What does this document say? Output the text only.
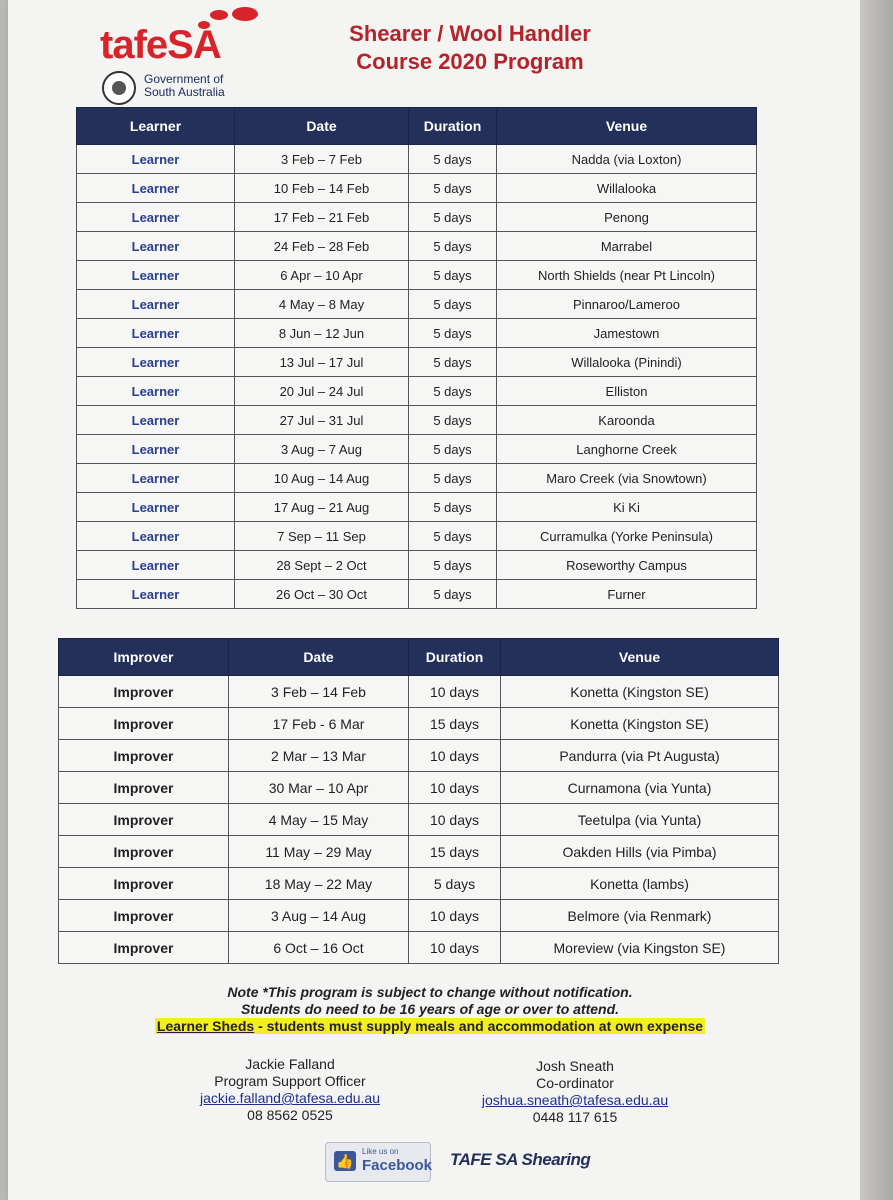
tafeSA
Government of
South Australia
Shearer / Wool Handler
Course 2020 Program
Learner	Date	Duration	Venue
Learner	3 Feb – 7 Feb	5 days	Nadda (via Loxton)
Learner	10 Feb – 14 Feb	5 days	Willalooka
Learner	17 Feb – 21 Feb	5 days	Penong
Learner	24 Feb – 28 Feb	5 days	Marrabel
Learner	6 Apr – 10 Apr	5 days	North Shields (near Pt Lincoln)
Learner	4 May – 8 May	5 days	Pinnaroo/Lameroo
Learner	8 Jun – 12 Jun	5 days	Jamestown
Learner	13 Jul – 17 Jul	5 days	Willalooka (Pinindi)
Learner	20 Jul – 24 Jul	5 days	Elliston
Learner	27 Jul – 31 Jul	5 days	Karoonda
Learner	3 Aug – 7 Aug	5 days	Langhorne Creek
Learner	10 Aug – 14 Aug	5 days	Maro Creek (via Snowtown)
Learner	17 Aug – 21 Aug	5 days	Ki Ki
Learner	7 Sep – 11 Sep	5 days	Curramulka (Yorke Peninsula)
Learner	28 Sept – 2 Oct	5 days	Roseworthy Campus
Learner	26 Oct – 30 Oct	5 days	Furner
Improver	Date	Duration	Venue
Improver	3 Feb – 14 Feb	10 days	Konetta (Kingston SE)
Improver	17 Feb - 6 Mar	15 days	Konetta (Kingston SE)
Improver	2 Mar – 13 Mar	10 days	Pandurra (via Pt Augusta)
Improver	30 Mar – 10 Apr	10 days	Curnamona (via Yunta)
Improver	4 May – 15 May	10 days	Teetulpa (via Yunta)
Improver	11 May – 29 May	15 days	Oakden Hills (via Pimba)
Improver	18 May – 22 May	5 days	Konetta (lambs)
Improver	3 Aug – 14 Aug	10 days	Belmore (via Renmark)
Improver	6 Oct – 16 Oct	10 days	Moreview (via Kingston SE)
Note *This program is subject to change without notification.
Students do need to be 16 years of age or over to attend.
Learner Sheds - students must supply meals and accommodation at own expense
Jackie Falland
Program Support Officer
jackie.falland@tafesa.edu.au
08 8562 0525
Josh Sneath
Co-ordinator
joshua.sneath@tafesa.edu.au
0448 117 615
👍
Like us on
Facebook TAFE SA Shearing
